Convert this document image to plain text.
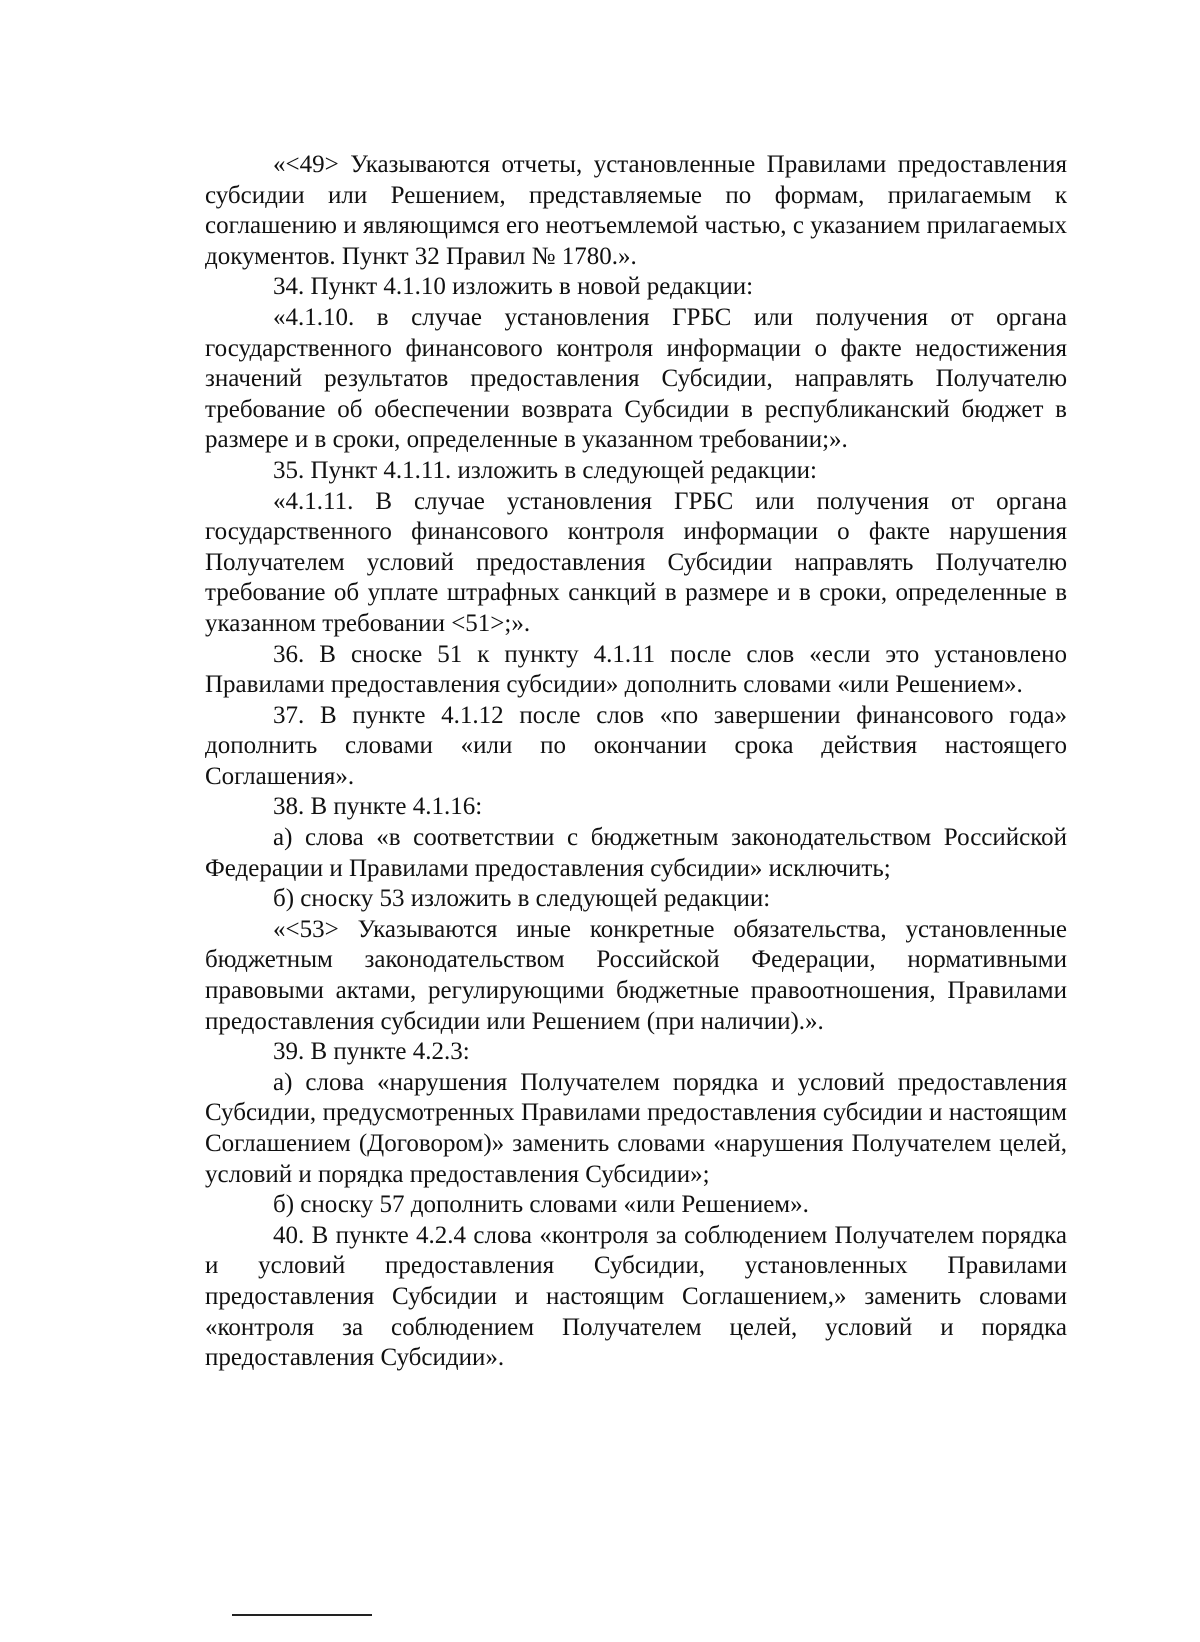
«<49> Указываются отчеты, установленные Правилами предоставления субсидии или Решением, представляемые по формам, прилагаемым к соглашению и являющимся его неотъемлемой частью, с указанием прилагаемых документов. Пункт 32 Правил № 1780.».

34. Пункт 4.1.10 изложить в новой редакции:

«4.1.10. в случае установления ГРБС или получения от органа государственного финансового контроля информации о факте недостижения значений результатов предоставления Субсидии, направлять Получателю требование об обеспечении возврата Субсидии в республиканский бюджет в размере и в сроки, определенные в указанном требовании;».

35. Пункт 4.1.11. изложить в следующей редакции:

«4.1.11. В случае установления ГРБС или получения от органа государственного финансового контроля информации о факте нарушения Получателем условий предоставления Субсидии направлять Получателю требование об уплате штрафных санкций в размере и в сроки, определенные в указанном требовании <51>;».

36. В сноске 51 к пункту 4.1.11 после слов «если это установлено Правилами предоставления субсидии» дополнить словами «или Решением».

37. В пункте 4.1.12 после слов «по завершении финансового года» дополнить словами «или по окончании срока действия настоящего Соглашения».

38. В пункте 4.1.16:

а) слова «в соответствии с бюджетным законодательством Российской Федерации и Правилами предоставления субсидии» исключить;

б) сноску 53 изложить в следующей редакции:

«<53> Указываются иные конкретные обязательства, установленные бюджетным законодательством Российской Федерации, нормативными правовыми актами, регулирующими бюджетные правоотношения, Правилами предоставления субсидии или Решением (при наличии).».

39. В пункте 4.2.3:

а) слова «нарушения Получателем порядка и условий предоставления Субсидии, предусмотренных Правилами предоставления субсидии и настоящим Соглашением (Договором)» заменить словами «нарушения Получателем целей, условий и порядка предоставления Субсидии»;

б) сноску 57 дополнить словами «или Решением».

40. В пункте 4.2.4 слова «контроля за соблюдением Получателем порядка и условий предоставления Субсидии, установленных Правилами предоставления Субсидии и настоящим Соглашением,» заменить словами «контроля за соблюдением Получателем целей, условий и порядка предоставления Субсидии».
